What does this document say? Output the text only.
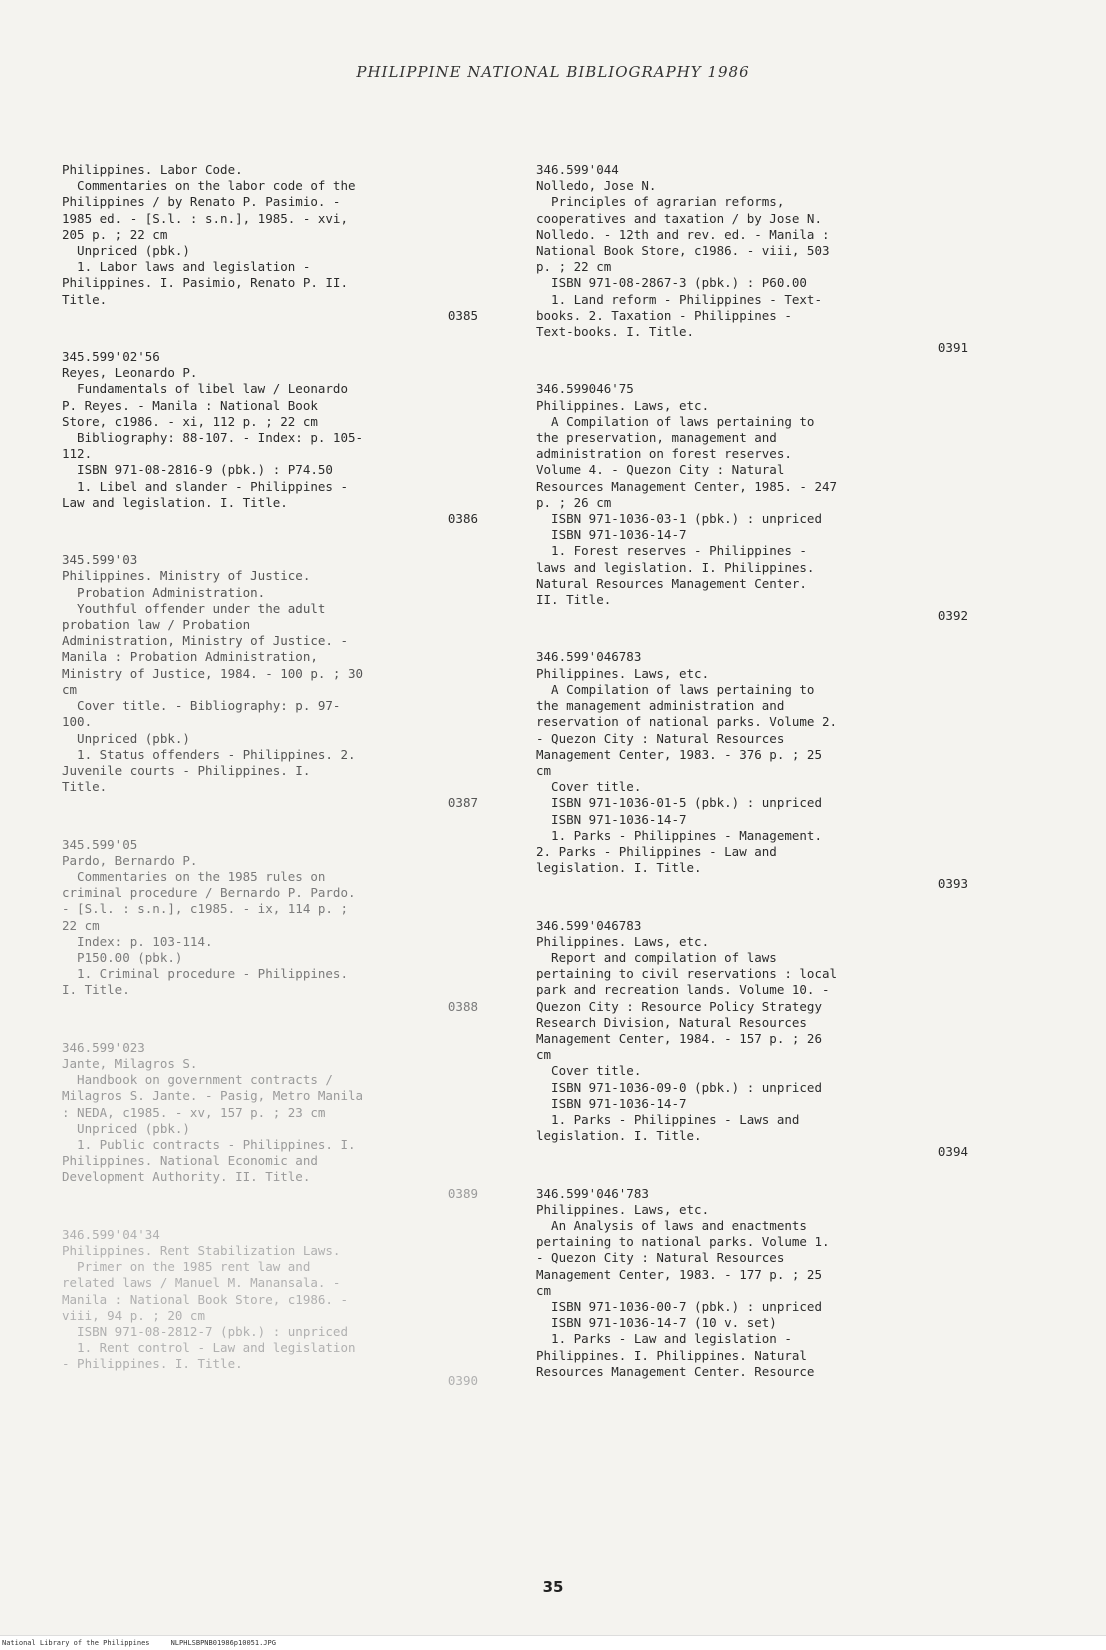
PHILIPPINE NATIONAL BIBLIOGRAPHY 1986
Philippines. Labor Code.
Commentaries on the labor code of the
Philippines / by Renato P. Pasimio. -
1985 ed. - [S.l. : s.n.], 1985. - xvi,
205 p. ; 22 cm
Unpriced (pbk.)
1. Labor laws and legislation -
Philippines. I. Pasimio, Renato P. II.
Title.
0385
345.599'02'56
Reyes, Leonardo P.
Fundamentals of libel law / Leonardo
P. Reyes. - Manila : National Book
Store, c1986. - xi, 112 p. ; 22 cm
Bibliography: 88-107. - Index: p. 105-
112.
ISBN 971-08-2816-9 (pbk.) : P74.50
1. Libel and slander - Philippines -
Law and legislation. I. Title.
0386
345.599'03
Philippines. Ministry of Justice.
Probation Administration.
Youthful offender under the adult
probation law / Probation
Administration, Ministry of Justice. -
Manila : Probation Administration,
Ministry of Justice, 1984. - 100 p. ; 30
cm
Cover title. - Bibliography: p. 97-
100.
Unpriced (pbk.)
1. Status offenders - Philippines. 2.
Juvenile courts - Philippines. I.
Title.
0387
345.599'05
Pardo, Bernardo P.
Commentaries on the 1985 rules on
criminal procedure / Bernardo P. Pardo.
- [S.l. : s.n.], c1985. - ix, 114 p. ;
22 cm
Index: p. 103-114.
P150.00 (pbk.)
1. Criminal procedure - Philippines.
I. Title.
0388
346.599'023
Jante, Milagros S.
Handbook on government contracts /
Milagros S. Jante. - Pasig, Metro Manila
: NEDA, c1985. - xv, 157 p. ; 23 cm
Unpriced (pbk.)
1. Public contracts - Philippines. I.
Philippines. National Economic and
Development Authority. II. Title.
0389
346.599'04'34
Philippines. Rent Stabilization Laws.
Primer on the 1985 rent law and
related laws / Manuel M. Manansala. -
Manila : National Book Store, c1986. -
viii, 94 p. ; 20 cm
ISBN 971-08-2812-7 (pbk.) : unpriced
1. Rent control - Law and legislation
- Philippines. I. Title.
0390
346.599'044
Nolledo, Jose N.
Principles of agrarian reforms,
cooperatives and taxation / by Jose N.
Nolledo. - 12th and rev. ed. - Manila :
National Book Store, c1986. - viii, 503
p. ; 22 cm
ISBN 971-08-2867-3 (pbk.) : P60.00
1. Land reform - Philippines - Text-
books. 2. Taxation - Philippines -
Text-books. I. Title.
0391
346.599046'75
Philippines. Laws, etc.
A Compilation of laws pertaining to
the preservation, management and
administration on forest reserves.
Volume 4. - Quezon City : Natural
Resources Management Center, 1985. - 247
p. ; 26 cm
ISBN 971-1036-03-1 (pbk.) : unpriced
ISBN 971-1036-14-7
1. Forest reserves - Philippines -
laws and legislation. I. Philippines.
Natural Resources Management Center.
II. Title.
0392
346.599'046783
Philippines. Laws, etc.
A Compilation of laws pertaining to
the management administration and
reservation of national parks. Volume 2.
- Quezon City : Natural Resources
Management Center, 1983. - 376 p. ; 25
cm
Cover title.
ISBN 971-1036-01-5 (pbk.) : unpriced
ISBN 971-1036-14-7
1. Parks - Philippines - Management.
2. Parks - Philippines - Law and
legislation. I. Title.
0393
346.599'046783
Philippines. Laws, etc.
Report and compilation of laws
pertaining to civil reservations : local
park and recreation lands. Volume 10. -
Quezon City : Resource Policy Strategy
Research Division, Natural Resources
Management Center, 1984. - 157 p. ; 26
cm
Cover title.
ISBN 971-1036-09-0 (pbk.) : unpriced
ISBN 971-1036-14-7
1. Parks - Philippines - Laws and
legislation. I. Title.
0394
346.599'046'783
Philippines. Laws, etc.
An Analysis of laws and enactments
pertaining to national parks. Volume 1.
- Quezon City : Natural Resources
Management Center, 1983. - 177 p. ; 25
cm
ISBN 971-1036-00-7 (pbk.) : unpriced
ISBN 971-1036-14-7 (10 v. set)
1. Parks - Law and legislation -
Philippines. I. Philippines. Natural
Resources Management Center. Resource
35
National Library of the Philippines	NLPHLSBPNB01986p10051.JPG
